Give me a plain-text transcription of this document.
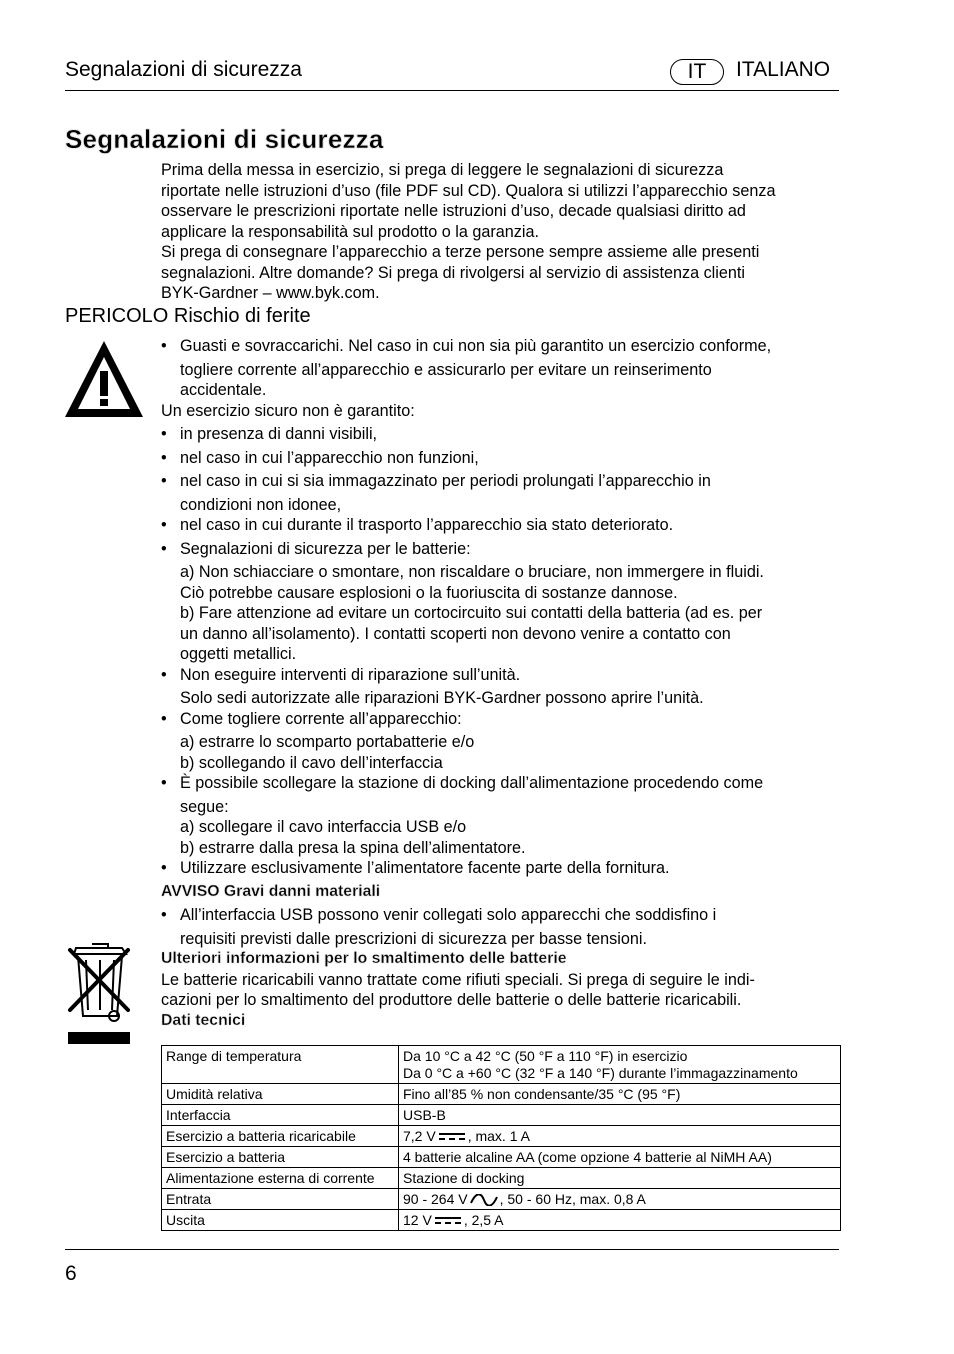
Segnalazioni di sicurezza	IT	ITALIANO
Segnalazioni di sicurezza

Prima della messa in esercizio, si prega di leggere le segnalazioni di sicurezza

riportate nelle istruzioni d’uso (file PDF sul CD). Qualora si utilizzi l’apparecchio senza

osservare le prescrizioni riportate nelle istruzioni d’uso, decade qualsiasi diritto ad

applicare la responsabilità sul prodotto o la garanzia.

Si prega di consegnare l’apparecchio a terze persone sempre assieme alle presenti

segnalazioni. Altre domande? Si prega di rivolgersi al servizio di assistenza clienti

BYK-Gardner – www.byk.com.

PERICOLO Rischio di ferite
• Guasti e sovraccarichi. Nel caso in cui non sia più garantito un esercizio conforme,
togliere corrente all’apparecchio e assicurarlo per evitare un reinserimento
accidentale.
Un esercizio sicuro non è garantito:
• in presenza di danni visibili,
• nel caso in cui l’apparecchio non funzioni,
• nel caso in cui si sia immagazzinato per periodi prolungati l’apparecchio in
condizioni non idonee,
• nel caso in cui durante il trasporto l’apparecchio sia stato deteriorato.
• Segnalazioni di sicurezza per le batterie:
a) Non schiacciare o smontare, non riscaldare o bruciare, non immergere in fluidi.
Ciò potrebbe causare esplosioni o la fuoriuscita di sostanze dannose.
b) Fare attenzione ad evitare un cortocircuito sui contatti della batteria (ad es. per
un danno all’isolamento). I contatti scoperti non devono venire a contatto con
oggetti metallici.
• Non eseguire interventi di riparazione sull’unità.
Solo sedi autorizzate alle riparazioni BYK-Gardner possono aprire l’unità.
• Come togliere corrente all’apparecchio:
a) estrarre lo scomparto portabatterie e/o
b) scollegando il cavo dell’interfaccia
• È possibile scollegare la stazione di docking dall’alimentazione procedendo come
segue:
a) scollegare il cavo interfaccia USB e/o
b) estrarre dalla presa la spina dell’alimentatore.
• Utilizzare esclusivamente l’alimentatore facente parte della fornitura.
AVVISO Gravi danni materiali
• All’interfaccia USB possono venir collegati solo apparecchi che soddisfino i
requisiti previsti dalle prescrizioni di sicurezza per basse tensioni.
Ulteriori informazioni per lo smaltimento delle batterie
Le batterie ricaricabili vanno trattate come rifiuti speciali. Si prega di seguire le indi-
cazioni per lo smaltimento del produttore delle batterie o delle batterie ricaricabili.
Dati tecnici
Range di temperatura	Da 10 °C a 42 °C (50 °F a 110 °F) in esercizio
Da 0 °C a +60 °C (32 °F a 140 °F) durante l’immagazzinamento

Umidità relativa	Fino all’85 % non condensante/35 °C (95 °F)
Interfaccia	USB-B
Esercizio a batteria ricaricabile	7,2 V , max. 1 A
Esercizio a batteria	4 batterie alcaline AA (come opzione 4 batterie al NiMH AA)
Alimentazione esterna di corrente	Stazione di docking
Entrata	90 - 264 V , 50 - 60 Hz, max. 0,8 A
Uscita	12 V , 2,5 A
6
